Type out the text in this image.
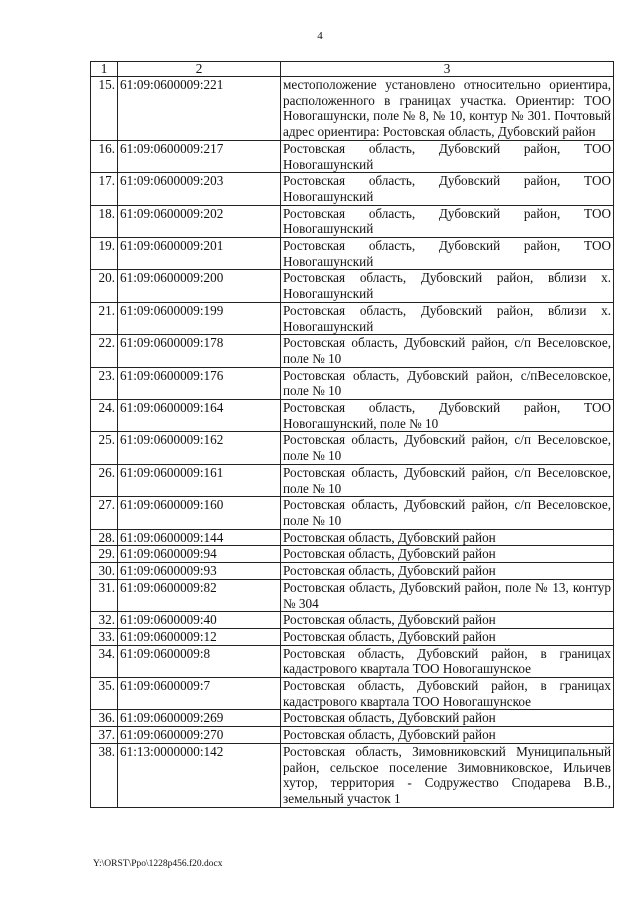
4
1	2	3
15.	61:09:0600009:221	местоположение установлено относительно ориентира, расположенного в границах участка. Ориентир: ТОО Новогашунски, поле № 8, № 10, контур № 301. Почтовый адрес ориентира: Ростовская область, Дубовский район
16.	61:09:0600009:217	Ростовская область, Дубовский район, ТОО Новогашунский
17.	61:09:0600009:203	Ростовская область, Дубовский район, ТОО Новогашунский
18.	61:09:0600009:202	Ростовская область, Дубовский район, ТОО Новогашунский
19.	61:09:0600009:201	Ростовская область, Дубовский район, ТОО Новогашунский
20.	61:09:0600009:200	Ростовская область, Дубовский район, вблизи х. Новогашунский
21.	61:09:0600009:199	Ростовская область, Дубовский район, вблизи х. Новогашунский
22.	61:09:0600009:178	Ростовская область, Дубовский район, с/п Веселовское, поле № 10
23.	61:09:0600009:176	Ростовская область, Дубовский район, с/пВеселовское, поле № 10
24.	61:09:0600009:164	Ростовская область, Дубовский район, ТОО Новогашунский, поле № 10
25.	61:09:0600009:162	Ростовская область, Дубовский район, с/п Веселовское, поле № 10
26.	61:09:0600009:161	Ростовская область, Дубовский район, с/п Веселовское, поле № 10
27.	61:09:0600009:160	Ростовская область, Дубовский район, с/п Веселовское, поле № 10
28.	61:09:0600009:144	Ростовская область, Дубовский район
29.	61:09:0600009:94	Ростовская область, Дубовский район
30.	61:09:0600009:93	Ростовская область, Дубовский район
31.	61:09:0600009:82	Ростовская область, Дубовский район, поле № 13, контур № 304
32.	61:09:0600009:40	Ростовская область, Дубовский район
33.	61:09:0600009:12	Ростовская область, Дубовский район
34.	61:09:0600009:8	Ростовская область, Дубовский район, в границах кадастрового квартала ТОО Новогашунское
35.	61:09:0600009:7	Ростовская область, Дубовский район, в границах кадастрового квартала ТОО Новогашунское
36.	61:09:0600009:269	Ростовская область, Дубовский район
37.	61:09:0600009:270	Ростовская область, Дубовский район
38.	61:13:0000000:142	Ростовская область, Зимовниковский Муниципальный район, сельское поселение Зимовниковское, Ильичев хутор, территория - Содружество Сподарева В.В., земельный участок 1
Y:\ORST\Ppo\1228p456.f20.docx
